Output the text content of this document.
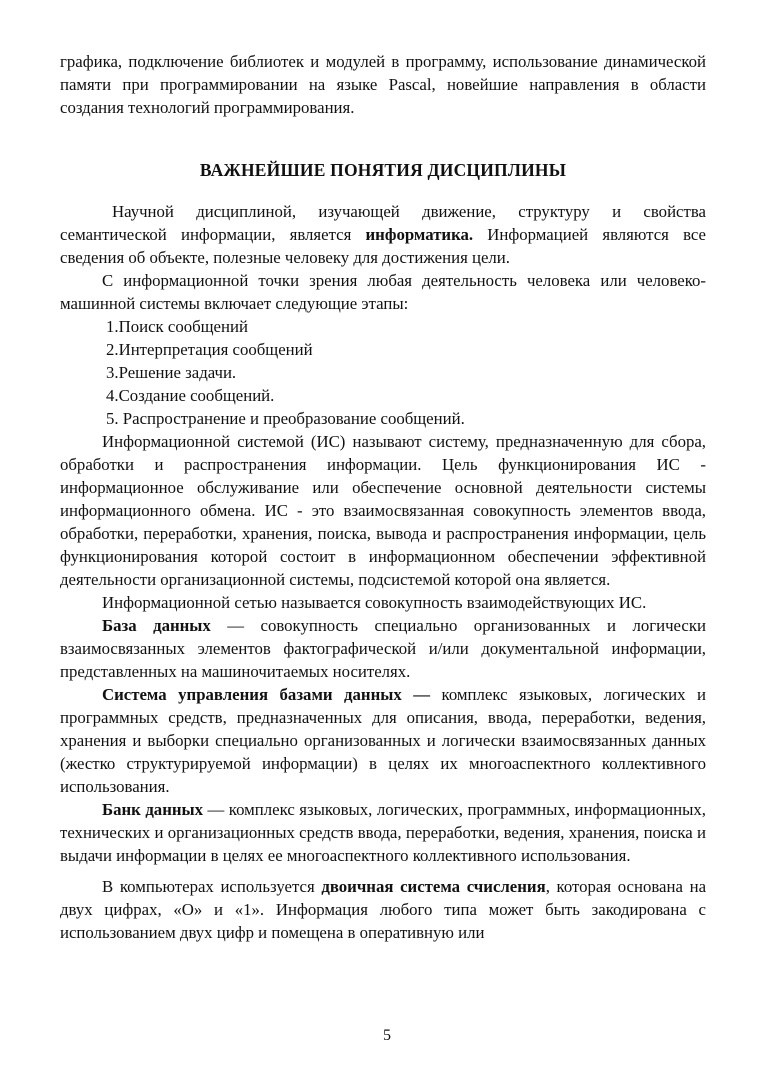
графика, подключение библиотек и модулей в программу, использование динамической памяти при программировании на языке Pascal, новейшие направления в области создания технологий программирования.

ВАЖНЕЙШИЕ ПОНЯТИЯ ДИСЦИПЛИНЫ

Научной дисциплиной, изучающей движение, структуру и свойства семантической информации, является информатика. Информацией являются все сведения об объекте, полезные человеку для достижения цели.

С информационной точки зрения любая деятельность человека или человеко-машинной системы включает следующие этапы:

1.Поиск сообщений
2.Интерпретация сообщений
3.Решение задачи.
4.Создание сообщений.
5. Распространение и преобразование сообщений.

Информационной системой (ИС) называют систему, предназначенную для сбора, обработки и распространения информации. Цель функционирования ИС - информационное обслуживание или обеспечение основной деятельности системы информационного обмена. ИС - это взаимосвязанная совокупность элементов ввода, обработки, переработки, хранения, поиска, вывода и распространения информации, цель функционирования которой состоит в информационном обеспечении эффективной деятельности организационной системы, подсистемой которой она является.

Информационной сетью называется совокупность взаимодействующих ИС.

База данных — совокупность специально организованных и логически взаимосвязанных элементов фактографической и/или документальной информации, представленных на машиночитаемых носителях.

Система управления базами данных — комплекс языковых, логических и программных средств, предназначенных для описания, ввода, переработки, ведения, хранения и выборки специально организованных и логически взаимосвязанных данных (жестко структурируемой информации) в целях их многоаспектного коллективного использования.

Банк данных — комплекс языковых, логических, программных, информационных, технических и организационных средств ввода, переработки, ведения, хранения, поиска и выдачи информации в целях ее многоаспектного коллективного использования.

В компьютерах используется двоичная система счисления, которая основана на двух цифрах, «О» и «1». Информация любого типа может быть закодирована с использованием двух цифр и помещена в оперативную или

5
